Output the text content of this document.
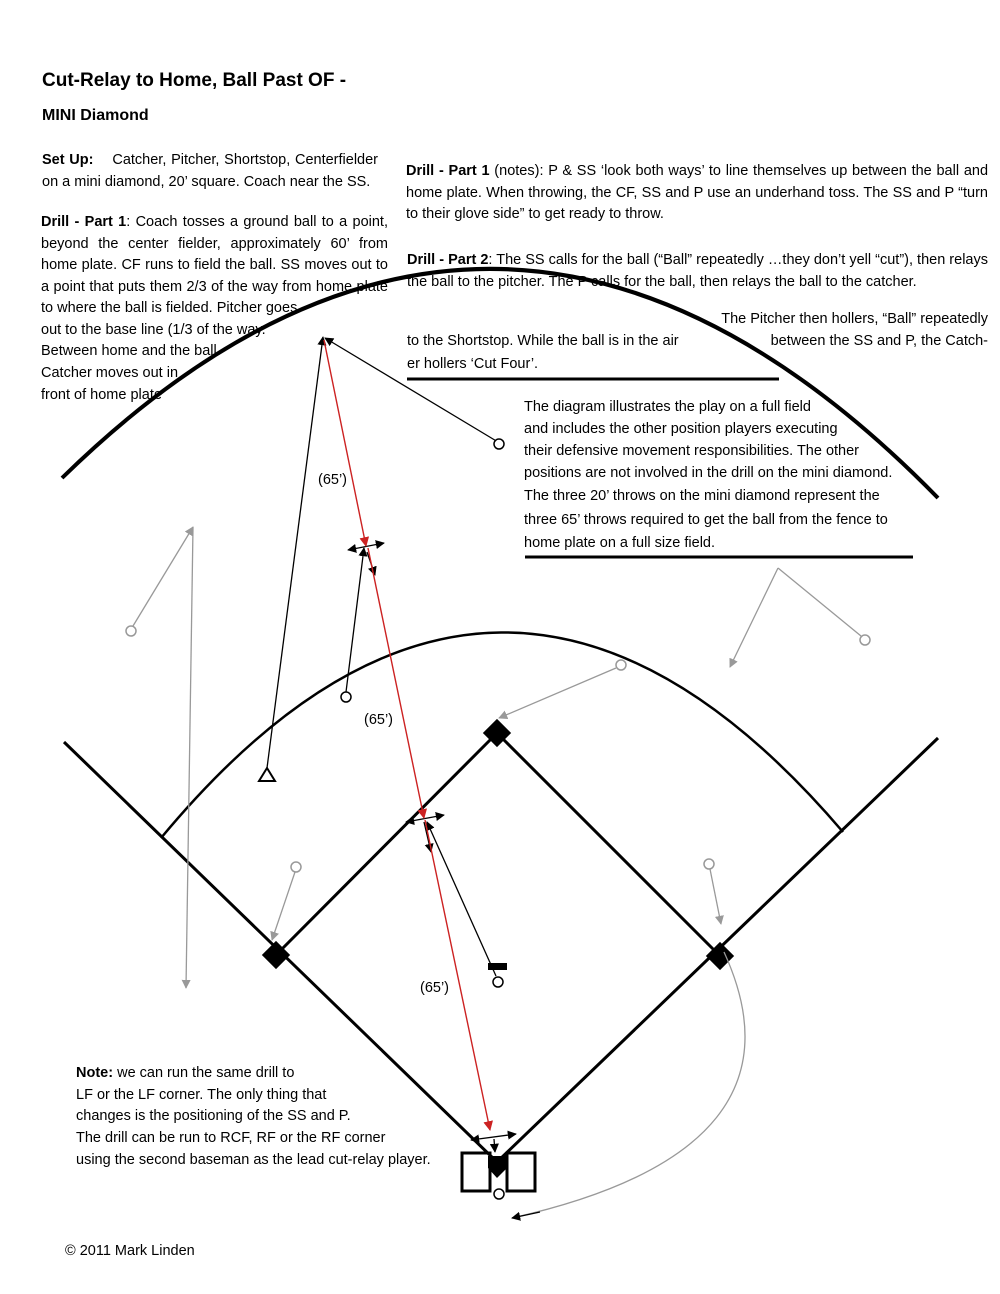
Cut-Relay to Home, Ball Past OF -
MINI Diamond
Set Up: Catcher, Pitcher, Shortstop, Centerfielder on a mini diamond, 20’ square. Coach near the SS.
Drill - Part 1: Coach tosses a ground ball to a point, beyond the center fielder, approximately 60’ from home plate. CF runs to field the ball. SS moves out to a point that puts them 2/3 of the way from home plate to where the ball is fielded. Pitcher goes
out to the base line (1/3 of the way.
Between home and the ball.
Catcher moves out in
front of home plate
Drill - Part 1 (notes): P & SS ‘look both ways’ to line themselves up between the ball and home plate. When throwing, the CF, SS and P use an underhand toss. The SS and P “turn to their glove side” to get ready to throw.
Drill - Part 2: The SS calls for the ball (“Ball” repeatedly …they don’t yell “cut”), then relays the ball to the pitcher. The P calls for the ball, then relays the ball to the catcher.
The Pitcher then hollers, “Ball” repeatedly
to the Shortstop. While the ball is in the air	between the SS and P, the Catch-
er hollers ‘Cut Four’.
The diagram illustrates the play on a full field
and includes the other position players executing
their defensive movement responsibilities. The other
positions are not involved in the drill on the mini diamond.
The three 20’ throws on the mini diamond represent the
three 65’ throws required to get the ball from the fence to
home plate on a full size field.
(65’)
(65’)
(65’)
Note: we can run the same drill to
LF or the LF corner. The only thing that
changes is the positioning of the SS and P.
The drill can be run to RCF, RF or the RF corner
using the second baseman as the lead cut-relay player.
© 2011 Mark Linden
